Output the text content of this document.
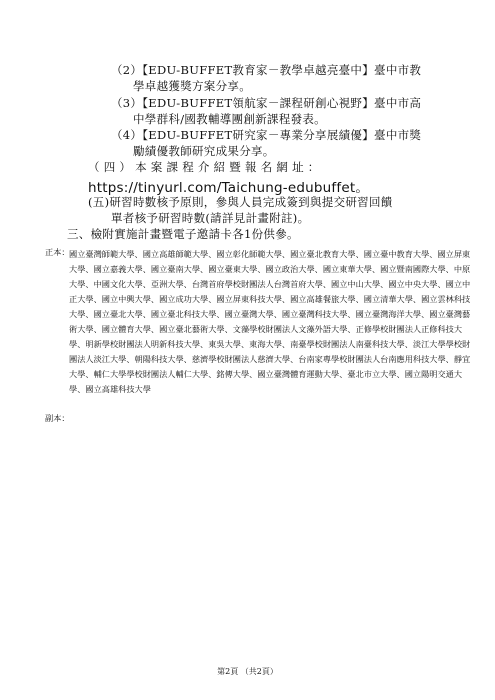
（2）【EDU-BUFFET教育家－教學卓越亮臺中】臺中市教
學卓越獲獎方案分享。
（3）【EDU-BUFFET領航家－課程研創心視野】臺中市高
中學群科/國教輔導團創新課程發表。
（4）【EDU-BUFFET研究家－專業分享展績優】臺中市獎
勵績優教師研究成果分享。
（四）本案課程介紹暨報名網址：
https://tinyurl.com/Taichung-edubuffet。
(五)研習時數核予原則，參與人員完成簽到與提交研習回饋
單者核予研習時數(請詳見計畫附註)。
三、檢附實施計畫暨電子邀請卡各1份供參。
正本： 國立臺灣師範大學、國立高雄師範大學、國立彰化師範大學、國立臺北教育大學、國立臺中教育大學、國立屏東大學、國立嘉義大學、國立臺南大學、國立臺東大學、國立政治大學、國立東華大學、國立暨南國際大學、中原大學、中國文化大學、亞洲大學、台灣首府學校財團法人台灣首府大學、國立中山大學、國立中央大學、國立中正大學、國立中興大學、國立成功大學、國立屏東科技大學、國立高雄餐旅大學、國立清華大學、國立雲林科技大學、國立臺北大學、國立臺北科技大學、國立臺灣大學、國立臺灣科技大學、國立臺灣海洋大學、國立臺灣藝術大學、國立體育大學、國立臺北藝術大學、文藻學校財團法人文藻外語大學、正修學校財團法人正修科技大學、明新學校財團法人明新科技大學、東吳大學、東海大學、南臺學校財團法人南臺科技大學、淡江大學學校財團法人淡江大學、朝陽科技大學、慈濟學校財團法人慈濟大學、台南家專學校財團法人台南應用科技大學、靜宜大學、輔仁大學學校財團法人輔仁大學、銘傳大學、國立臺灣體育運動大學、臺北市立大學、國立陽明交通大學、國立高雄科技大學
副本：
第2頁 （共2頁）
